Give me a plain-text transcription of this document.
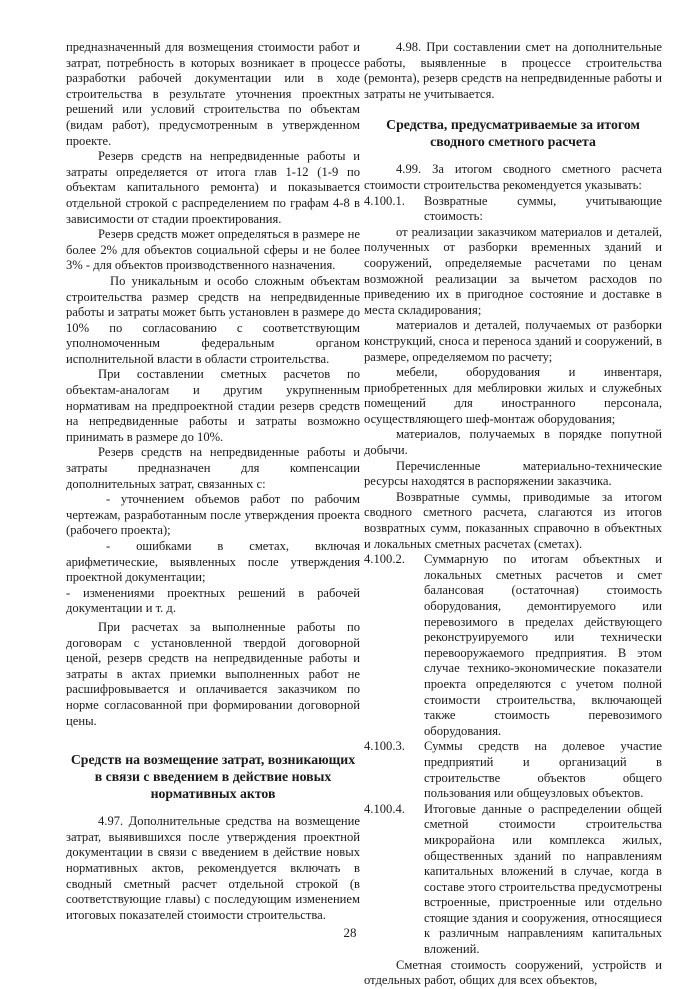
предназначенный для возмещения стоимости работ и затрат, потребность в которых возникает в процессе разработки рабочей документации или в ходе строительства в результате уточнения проектных решений или условий строительства по объектам (видам работ), предусмотренным в утвержденном проекте.

Резерв средств на непредвиденные работы и затраты определяется от итога глав 1-12 (1-9 по объектам капитального ремонта) и показывается отдельной строкой с распределением по графам 4-8 в зависимости от стадии проектирования.

Резерв средств может определяться в размере не более 2% для объектов социальной сферы и не более 3% - для объектов производственного назначения.

По уникальным и особо сложным объектам строительства размер средств на непредвиденные работы и затраты может быть установлен в размере до 10% по согласованию с соответствующим уполномоченным федеральным органом исполнительной власти в области строительства.

При составлении сметных расчетов по объектам-аналогам и другим укрупненным нормативам на предпроектной стадии резерв средств на непредвиденные работы и затраты возможно принимать в размере до 10%.

Резерв средств на непредвиденные работы и затраты предназначен для компенсации дополнительных затрат, связанных с:

- уточнением объемов работ по рабочим чертежам, разработанным после утверждения проекта (рабочего проекта);

- ошибками в сметах, включая арифметические, выявленных после утверждения проектной документации;

- изменениями проектных решений в рабочей документации и т. д.

При расчетах за выполненные работы по договорам с установленной твердой договорной ценой, резерв средств на непредвиденные работы и затраты в актах приемки выполненных работ не расшифровывается и оплачивается заказчиком по норме согласованной при формировании договорной цены.

Средств на возмещение затрат, возникающих в связи с введением в действие новых нормативных актов

4.97. Дополнительные средства на возмещение затрат, выявившихся после утверждения проектной документации в связи с введением в действие новых нормативных актов, рекомендуется включать в сводный сметный расчет отдельной строкой (в соответствующие главы) с последующим изменением итоговых показателей стоимости строительства.

4.98. При составлении смет на дополнительные работы, выявленные в процессе строительства (ремонта), резерв средств на непредвиденные работы и затраты не учитывается.

Средства, предусматриваемые за итогом сводного сметного расчета

4.99. За итогом сводного сметного расчета стоимости строительства рекомендуется указывать:

4.100.1.	Возвратные суммы, учитывающие стоимость:

от реализации заказчиком материалов и деталей, полученных от разборки временных зданий и сооружений, определяемые расчетами по ценам возможной реализации за вычетом расходов по приведению их в пригодное состояние и доставке в места складирования;

материалов и деталей, получаемых от разборки конструкций, сноса и переноса зданий и сооружений, в размере, определяемом по расчету;

мебели, оборудования и инвентаря, приобретенных для меблировки жилых и служебных помещений для иностранного персонала, осуществляющего шеф-монтаж оборудования;

материалов, получаемых в порядке попутной добычи.

Перечисленные материально-технические ресурсы находятся в распоряжении заказчика.

Возвратные суммы, приводимые за итогом сводного сметного расчета, слагаются из итогов возвратных сумм, показанных справочно в объектных и локальных сметных расчетах (сметах).

4.100.2.	Суммарную по итогам объектных и локальных сметных расчетов и смет балансовая (остаточная) стоимость оборудования, демонтируемого или перевозимого в пределах действующего реконструируемого или технически перевооружаемого предприятия. В этом случае технико-экономические показатели проекта определяются с учетом полной стоимости строительства, включающей также стоимость перевозимого оборудования.
4.100.3.	Суммы средств на долевое участие предприятий и организаций в строительстве объектов общего пользования или общеузловых объектов.
4.100.4.	Итоговые данные о распределении общей сметной стоимости строительства микрорайона или комплекса жилых, общественных зданий по направлениям капитальных вложений в случае, когда в составе этого строительства предусмотрены встроенные, пристроенные или отдельно стоящие здания и сооружения, относящиеся к различным направлениям капитальных вложений.

Сметная стоимость сооружений, устройств и отдельных работ, общих для всех объектов,

28
